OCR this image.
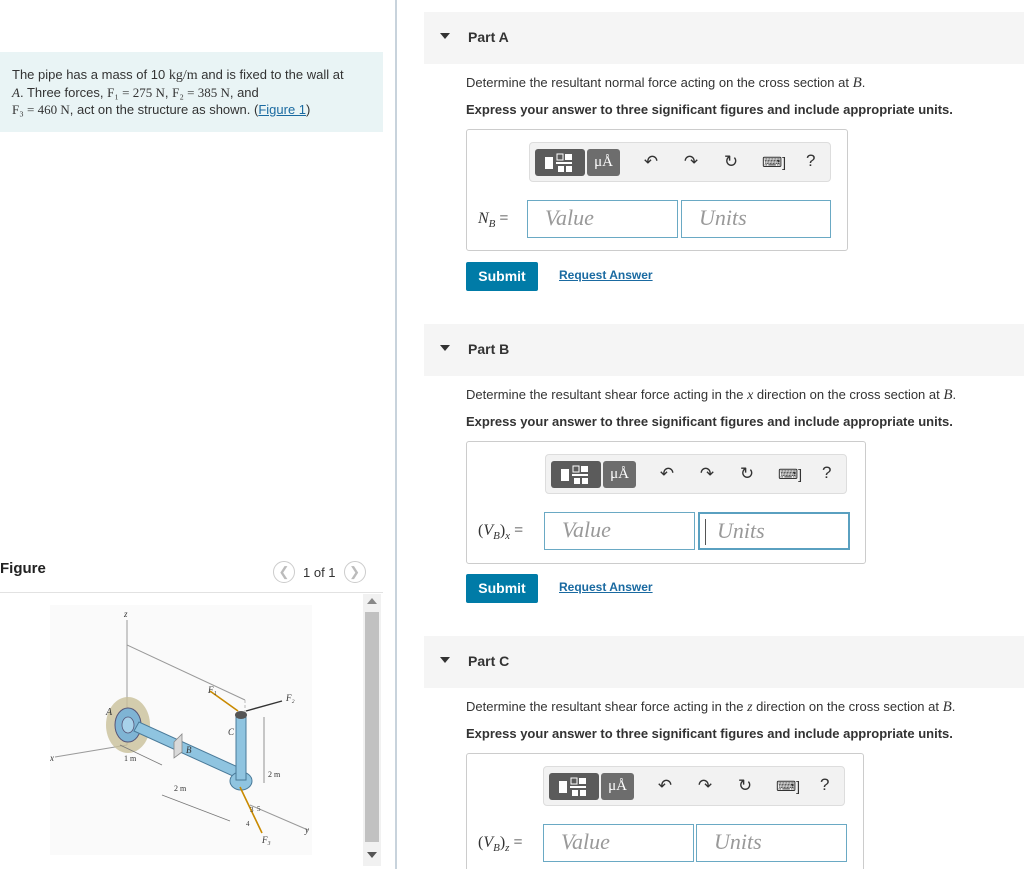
The pipe has a mass of 10 kg/m and is fixed to the wall at
A. Three forces, F₁ = 275 N, F₂ = 385 N, and
F₃ = 460 N, act on the structure as shown. (Figure 1)
Figure	❮ 1 of 1 ❯
z
x
y
A
B
C
F₁
F₂
F₃
1 m
2 m
2 m
3
4
5
Part A
Determine the resultant normal force acting on the cross section at B.
Express your answer to three significant figures and include appropriate units.
μÅ	↶ ↷ ↻ ⌨] ?
$N_B$ =	Value	Units
Submit	Request Answer
Part B
Determine the resultant shear force acting in the x direction on the cross section at B.
Express your answer to three significant figures and include appropriate units.
μÅ	↶ ↷ ↻ ⌨] ?
$(V_B)_x$ =	Value	Units
Submit	Request Answer
Part C
Determine the resultant shear force acting in the z direction on the cross section at B.
Express your answer to three significant figures and include appropriate units.
μÅ	↶ ↷ ↻ ⌨] ?
$(V_B)_z$ =	Value	Units
